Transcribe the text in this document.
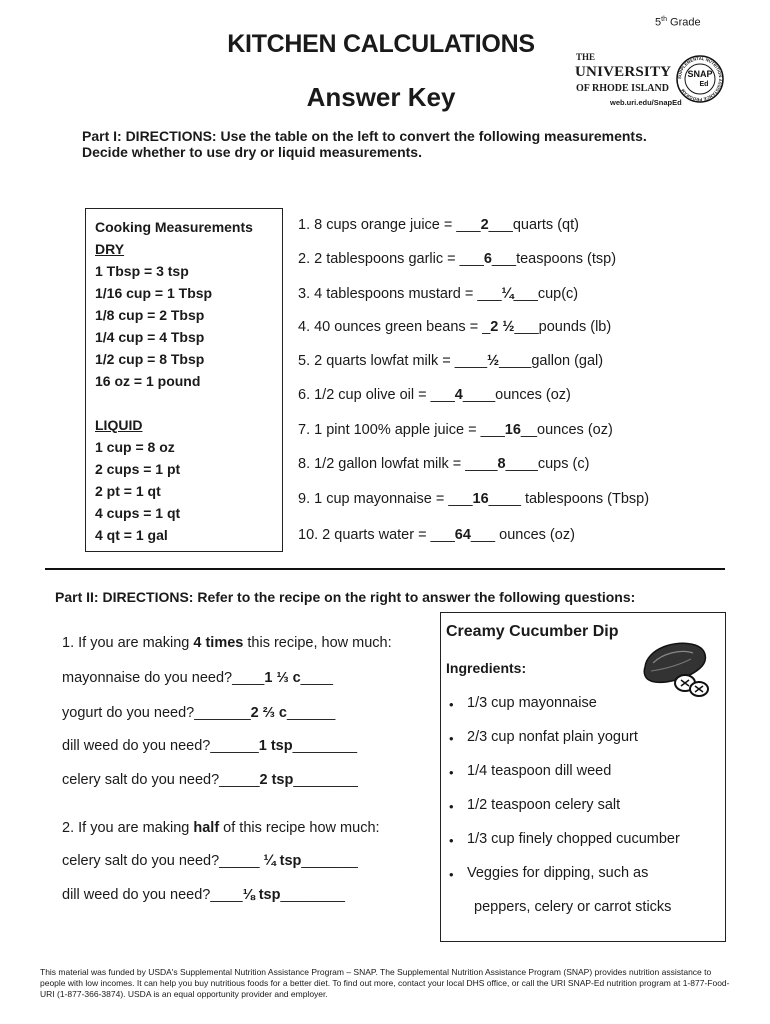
5th Grade
KITCHEN CALCULATIONS
Answer Key
THE
UNIVERSITY
OF RHODE ISLAND
web.uri.edu/SnapEd
SUPPLEMENTAL NUTRITION ASSISTANCE PROGRAM
SNAP
Ed
Part I: DIRECTIONS: Use the table on the left to convert the following measurements.
Decide whether to use dry or liquid measurements.
Cooking Measurements
DRY
1 Tbsp = 3 tsp
1/16 cup = 1 Tbsp
1/8 cup = 2 Tbsp
1/4 cup = 4 Tbsp
1/2 cup = 8 Tbsp
16 oz = 1 pound
LIQUID
1 cup = 8 oz
2 cups = 1 pt
2 pt = 1 qt
4 cups = 1 qt
4 qt = 1 gal
1. 8 cups orange juice = ___2___quarts (qt)
2. 2 tablespoons garlic = ___6___teaspoons (tsp)
3. 4 tablespoons mustard = ___¼___cup(c)
4. 40 ounces green beans = _2 ½___pounds (lb)
5. 2 quarts lowfat milk = ____½____gallon (gal)
6. 1/2 cup olive oil = ___4____ounces (oz)
7. 1 pint 100% apple juice = ___16__ounces (oz)
8. 1/2 gallon lowfat milk = ____8____cups (c)
9. 1 cup mayonnaise = ___16____ tablespoons (Tbsp)
10. 2 quarts water = ___64___ ounces (oz)
Part II: DIRECTIONS: Refer to the recipe on the right to answer the following questions:
1. If you are making 4 times this recipe, how much:
mayonnaise do you need?____1 ⅓ c____
yogurt do you need?_______2 ⅔ c______
dill weed do you need?______1 tsp________
celery salt do you need?_____2 tsp________
2. If you are making half of this recipe how much:
celery salt do you need?_____ ¼ tsp_______
dill weed do you need?____⅛ tsp________
Creamy Cucumber Dip
Ingredients:
• 1/3 cup mayonnaise
• 2/3 cup nonfat plain yogurt
• 1/4 teaspoon dill weed
• 1/2 teaspoon celery salt
• 1/3 cup finely chopped cucumber
• Veggies for dipping, such as
peppers, celery or carrot sticks
This material was funded by USDA's Supplemental Nutrition Assistance Program – SNAP. The Supplemental Nutrition Assistance Program (SNAP) provides nutrition assistance to people with low incomes. It can help you buy nutritious foods for a better diet. To find out more, contact your local DHS office, or call the URI SNAP-Ed nutrition program at 1-877-Food-URI (1-877-366-3874). USDA is an equal opportunity provider and employer.
